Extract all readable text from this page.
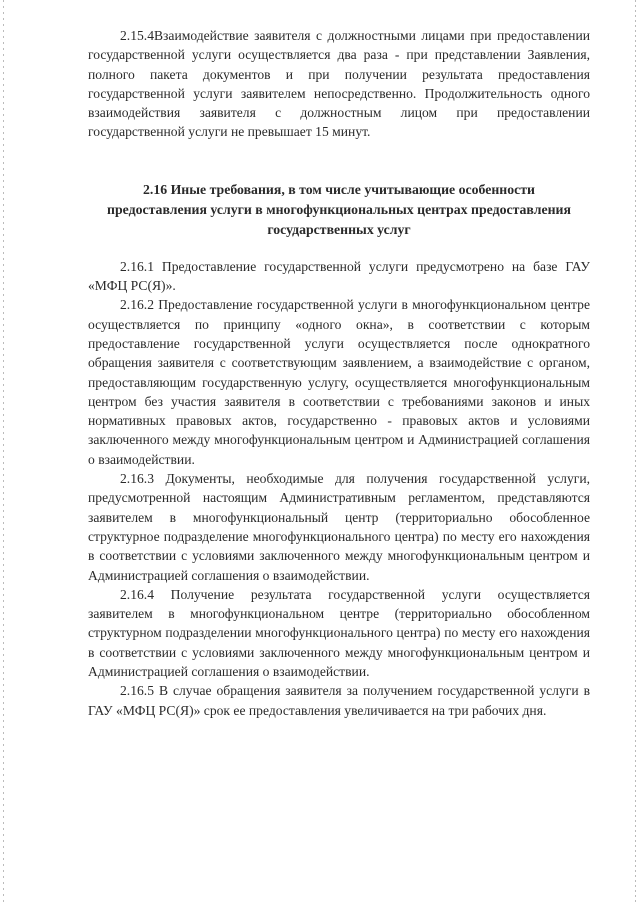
2.15.4Взаимодействие заявителя с должностными лицами при предоставлении государственной услуги осуществляется два раза - при представлении Заявления, полного пакета документов и при получении результата предоставления государственной услуги заявителем непосредственно. Продолжительность одного взаимодействия заявителя с должностным лицом при предоставлении государственной услуги не превышает 15 минут.

2.16 Иные требования, в том числе учитывающие особенности предоставления услуги в многофункциональных центрах предоставления государственных услуг

2.16.1 Предоставление государственной услуги предусмотрено на базе ГАУ «МФЦ РС(Я)».

2.16.2 Предоставление государственной услуги в многофункциональном центре осуществляется по принципу «одного окна», в соответствии с которым предоставление государственной услуги осуществляется после однократного обращения заявителя с соответствующим заявлением, а взаимодействие с органом, предоставляющим государственную услугу, осуществляется многофункциональным центром без участия заявителя в соответствии с требованиями законов и иных нормативных правовых актов, государственно - правовых актов и условиями заключенного между многофункциональным центром и Администрацией соглашения о взаимодействии.

2.16.3 Документы, необходимые для получения государственной услуги, предусмотренной настоящим Административным регламентом, представляются заявителем в многофункциональный центр (территориально обособленное структурное подразделение многофункционального центра) по месту его нахождения в соответствии с условиями заключенного между многофункциональным центром и Администрацией соглашения о взаимодействии.

2.16.4 Получение результата государственной услуги осуществляется заявителем в многофункциональном центре (территориально обособленном структурном подразделении многофункционального центра) по месту его нахождения в соответствии с условиями заключенного между многофункциональным центром и Администрацией соглашения о взаимодействии.

2.16.5 В случае обращения заявителя за получением государственной услуги в ГАУ «МФЦ РС(Я)» срок ее предоставления увеличивается на три рабочих дня.
